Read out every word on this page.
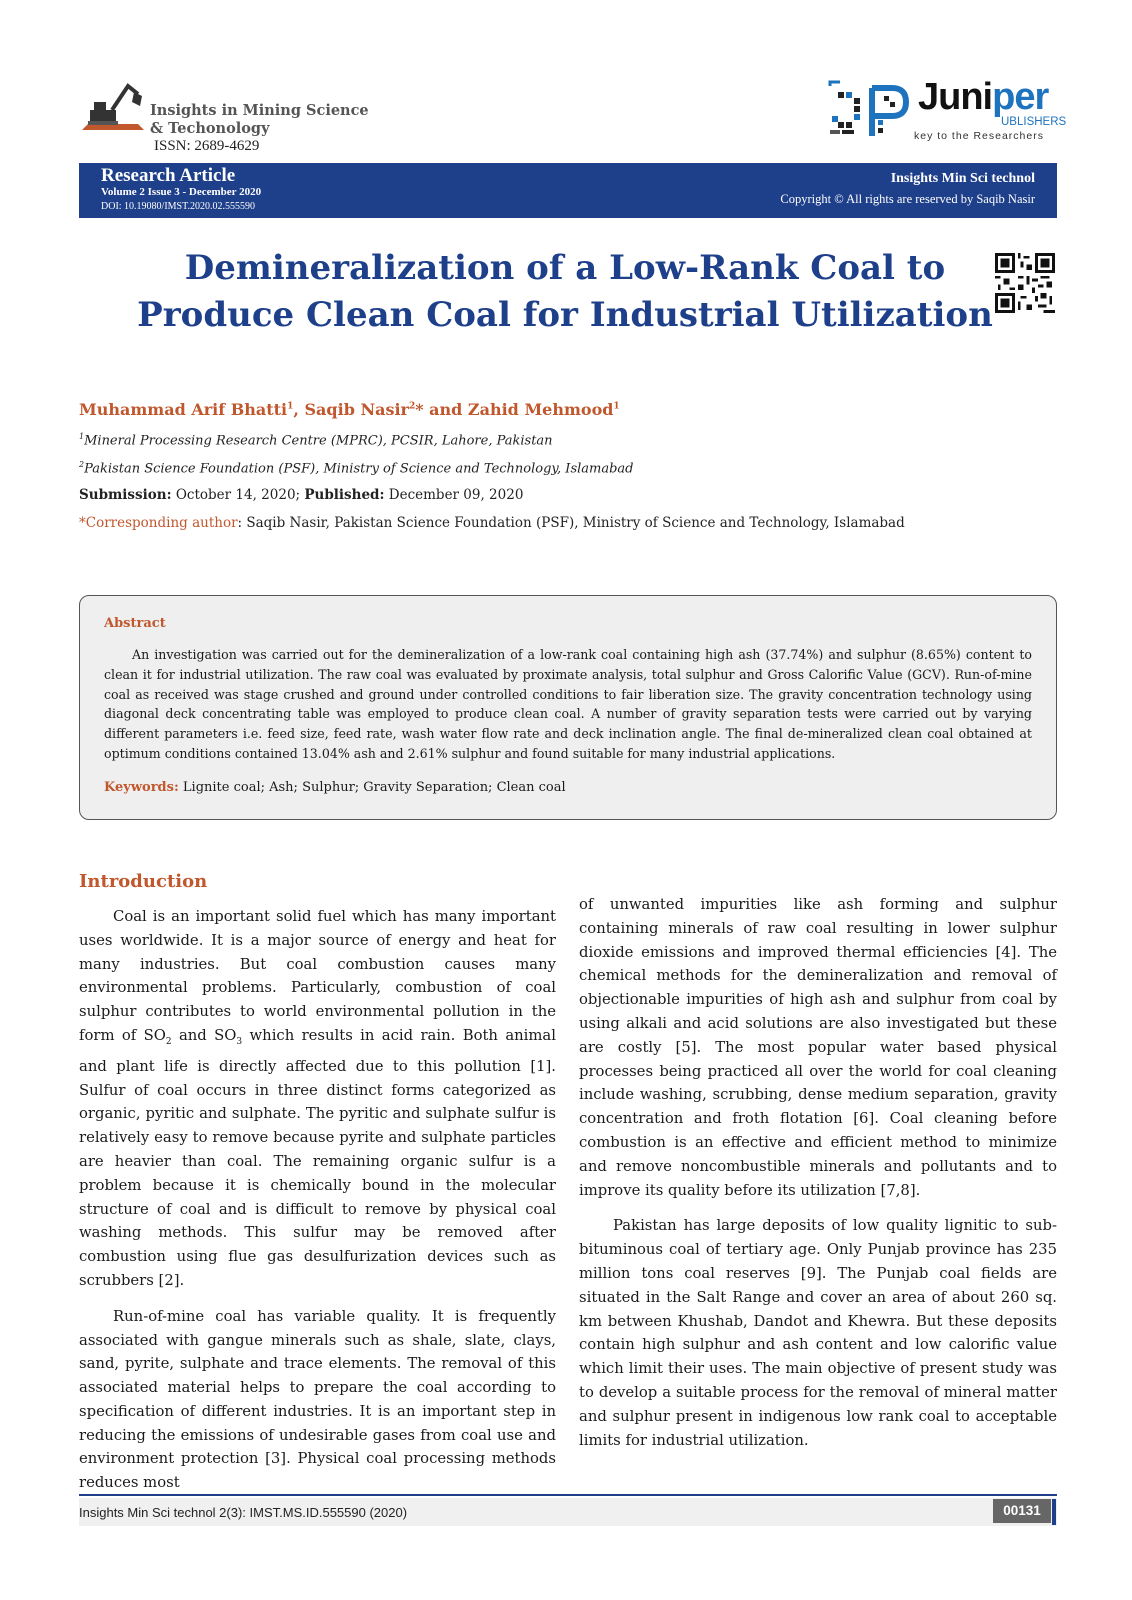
Insights in Mining Science
& Techonology
ISSN: 2689-4629
Juniper
UBLISHERS
key to the Researchers
Research Article
Volume 2 Issue 3 - December 2020
DOI: 10.19080/IMST.2020.02.555590
Insights Min Sci technol
Copyright © All rights are reserved by Saqib Nasir
Demineralization of a Low-Rank Coal to
Produce Clean Coal for Industrial Utilization
Muhammad Arif Bhatti$^1$, Saqib Nasir$^2$* and Zahid Mehmood$^1$
$^1$Mineral Processing Research Centre (MPRC), PCSIR, Lahore, Pakistan
$^2$Pakistan Science Foundation (PSF), Ministry of Science and Technology, Islamabad
Submission: October 14, 2020; Published: December 09, 2020
*Corresponding author: Saqib Nasir, Pakistan Science Foundation (PSF), Ministry of Science and Technology, Islamabad
Abstract
An investigation was carried out for the demineralization of a low-rank coal containing high ash (37.74%) and sulphur (8.65%) content to clean it for industrial utilization. The raw coal was evaluated by proximate analysis, total sulphur and Gross Calorific Value (GCV). Run-of-mine coal as received was stage crushed and ground under controlled conditions to fair liberation size. The gravity concentration technology using diagonal deck concentrating table was employed to produce clean coal. A number of gravity separation tests were carried out by varying different parameters i.e. feed size, feed rate, wash water flow rate and deck inclination angle. The final de-mineralized clean coal obtained at optimum conditions contained 13.04% ash and 2.61% sulphur and found suitable for many industrial applications.
Keywords: Lignite coal; Ash; Sulphur; Gravity Separation; Clean coal
Introduction

Coal is an important solid fuel which has many important uses worldwide. It is a major source of energy and heat for many industries. But coal combustion causes many environmental problems. Particularly, combustion of coal sulphur contributes to world environmental pollution in the form of $SO_2$ and $SO_3$ which results in acid rain. Both animal and plant life is directly affected due to this pollution [1]. Sulfur of coal occurs in three distinct forms categorized as organic, pyritic and sulphate. The pyritic and sulphate sulfur is relatively easy to remove because pyrite and sulphate particles are heavier than coal. The remaining organic sulfur is a problem because it is chemically bound in the molecular structure of coal and is difficult to remove by physical coal washing methods. This sulfur may be removed after combustion using flue gas desulfurization devices such as scrubbers [2].

Run-of-mine coal has variable quality. It is frequently associated with gangue minerals such as shale, slate, clays, sand, pyrite, sulphate and trace elements. The removal of this associated material helps to prepare the coal according to specification of different industries. It is an important step in reducing the emissions of undesirable gases from coal use and environment protection [3]. Physical coal processing methods reduces most

of unwanted impurities like ash forming and sulphur containing minerals of raw coal resulting in lower sulphur dioxide emissions and improved thermal efficiencies [4]. The chemical methods for the demineralization and removal of objectionable impurities of high ash and sulphur from coal by using alkali and acid solutions are also investigated but these are costly [5]. The most popular water based physical processes being practiced all over the world for coal cleaning include washing, scrubbing, dense medium separation, gravity concentration and froth flotation [6]. Coal cleaning before combustion is an effective and efficient method to minimize and remove noncombustible minerals and pollutants and to improve its quality before its utilization [7,8].

Pakistan has large deposits of low quality lignitic to sub-bituminous coal of tertiary age. Only Punjab province has 235 million tons coal reserves [9]. The Punjab coal fields are situated in the Salt Range and cover an area of about 260 sq. km between Khushab, Dandot and Khewra. But these deposits contain high sulphur and ash content and low calorific value which limit their uses. The main objective of present study was to develop a suitable process for the removal of mineral matter and sulphur present in indigenous low rank coal to acceptable limits for industrial utilization.

Insights Min Sci technol 2(3): IMST.MS.ID.555590 (2020)	00131
